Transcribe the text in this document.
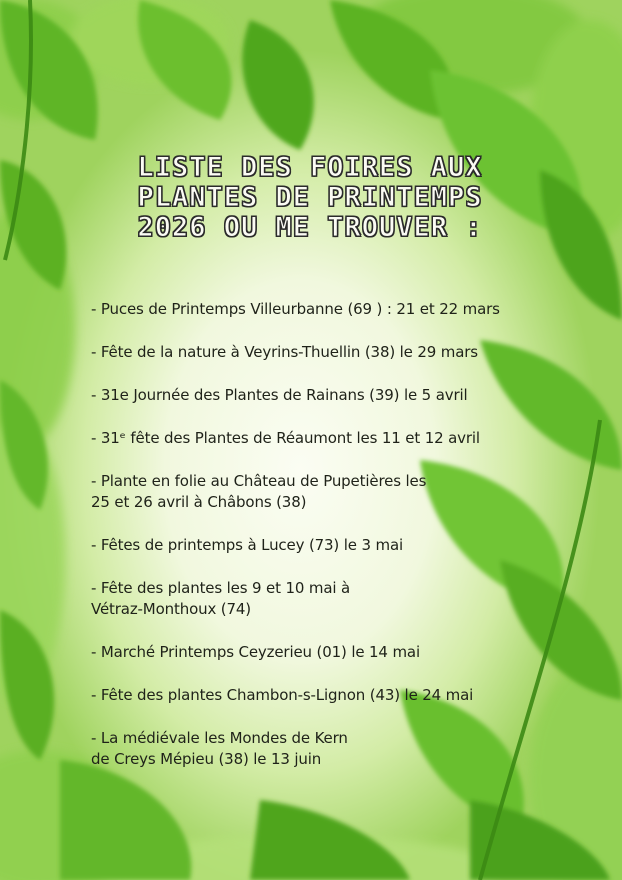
LISTE DES FOIRES AUX
PLANTES DE PRINTEMPS
2026 OU ME TROUVER :
- Puces de Printemps Villeurbanne (69 ) : 21 et 22 mars
- Fête de la nature à Veyrins-Thuellin (38) le 29 mars
- 31e Journée des Plantes de Rainans (39) le 5 avril
- 31ᵉ fête des Plantes de Réaumont les 11 et 12 avril
- Plante en folie au Château de Pupetières les
25 et 26 avril à Châbons (38)
- Fêtes de printemps à Lucey (73) le 3 mai
- Fête des plantes les 9 et 10 mai à
Vétraz-Monthoux (74)
- Marché Printemps Ceyzerieu (01) le 14 mai
- Fête des plantes Chambon-s-Lignon (43) le 24 mai
- La médiévale les Mondes de Kern
de Creys Mépieu (38) le 13 juin
